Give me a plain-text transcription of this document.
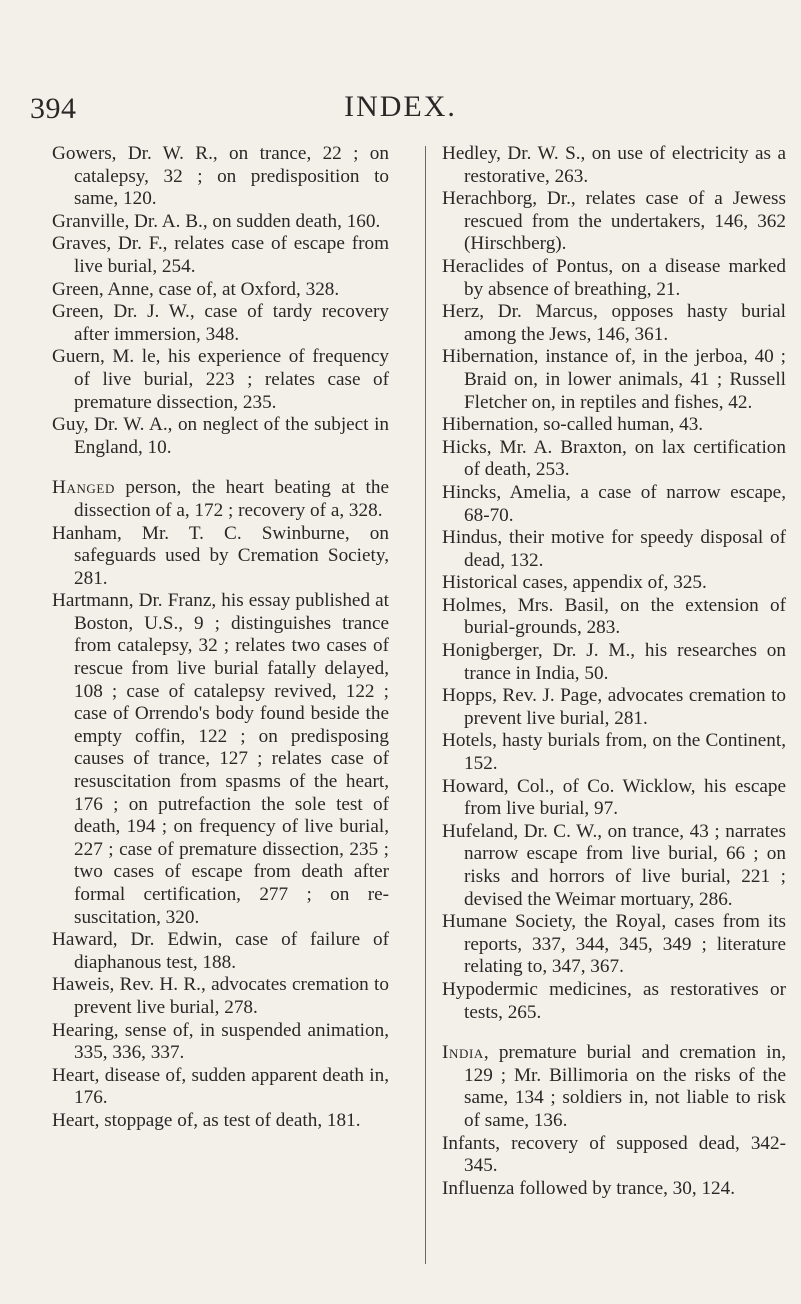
394	INDEX.

Gowers, Dr. W. R., on trance, 22 ; on catalepsy, 32 ; on predisposition to same, 120.

Granville, Dr. A. B., on sudden death, 160.

Graves, Dr. F., relates case of escape from live burial, 254.

Green, Anne, case of, at Oxford, 328.

Green, Dr. J. W., case of tardy recovery after immersion, 348.

Guern, M. le, his experience of frequency of live burial, 223 ; relates case of premature dissection, 235.

Guy, Dr. W. A., on neglect of the subject in England, 10.

Hanged person, the heart beating at the dissection of a, 172 ; recovery of a, 328.

Hanham, Mr. T. C. Swinburne, on safeguards used by Cremation Society, 281.

Hartmann, Dr. Franz, his essay published at Boston, U.S., 9 ; distinguishes trance from catalepsy, 32 ; relates two cases of rescue from live burial fatally delayed, 108 ; case of catalepsy revived, 122 ; case of Orrendo's body found beside the empty coffin, 122 ; on predisposing causes of trance, 127 ; relates case of resuscitation from spasms of the heart, 176 ; on putrefaction the sole test of death, 194 ; on frequency of live burial, 227 ; case of premature dissection, 235 ; two cases of escape from death after formal certification, 277 ; on resuscitation, 320.

Haward, Dr. Edwin, case of failure of diaphanous test, 188.

Haweis, Rev. H. R., advocates cremation to prevent live burial, 278.

Hearing, sense of, in suspended animation, 335, 336, 337.

Heart, disease of, sudden apparent death in, 176.

Heart, stoppage of, as test of death, 181.

Hedley, Dr. W. S., on use of electricity as a restorative, 263.

Herachborg, Dr., relates case of a Jewess rescued from the undertakers, 146, 362 (Hirschberg).

Heraclides of Pontus, on a disease marked by absence of breathing, 21.

Herz, Dr. Marcus, opposes hasty burial among the Jews, 146, 361.

Hibernation, instance of, in the jerboa, 40 ; Braid on, in lower animals, 41 ; Russell Fletcher on, in reptiles and fishes, 42.

Hibernation, so-called human, 43.

Hicks, Mr. A. Braxton, on lax certification of death, 253.

Hincks, Amelia, a case of narrow escape, 68-70.

Hindus, their motive for speedy disposal of dead, 132.

Historical cases, appendix of, 325.

Holmes, Mrs. Basil, on the extension of burial-grounds, 283.

Honigberger, Dr. J. M., his researches on trance in India, 50.

Hopps, Rev. J. Page, advocates cremation to prevent live burial, 281.

Hotels, hasty burials from, on the Continent, 152.

Howard, Col., of Co. Wicklow, his escape from live burial, 97.

Hufeland, Dr. C. W., on trance, 43 ; narrates narrow escape from live burial, 66 ; on risks and horrors of live burial, 221 ; devised the Weimar mortuary, 286.

Humane Society, the Royal, cases from its reports, 337, 344, 345, 349 ; literature relating to, 347, 367.

Hypodermic medicines, as restoratives or tests, 265.

India, premature burial and cremation in, 129 ; Mr. Billimoria on the risks of the same, 134 ; soldiers in, not liable to risk of same, 136.

Infants, recovery of supposed dead, 342-345.

Influenza followed by trance, 30, 124.
